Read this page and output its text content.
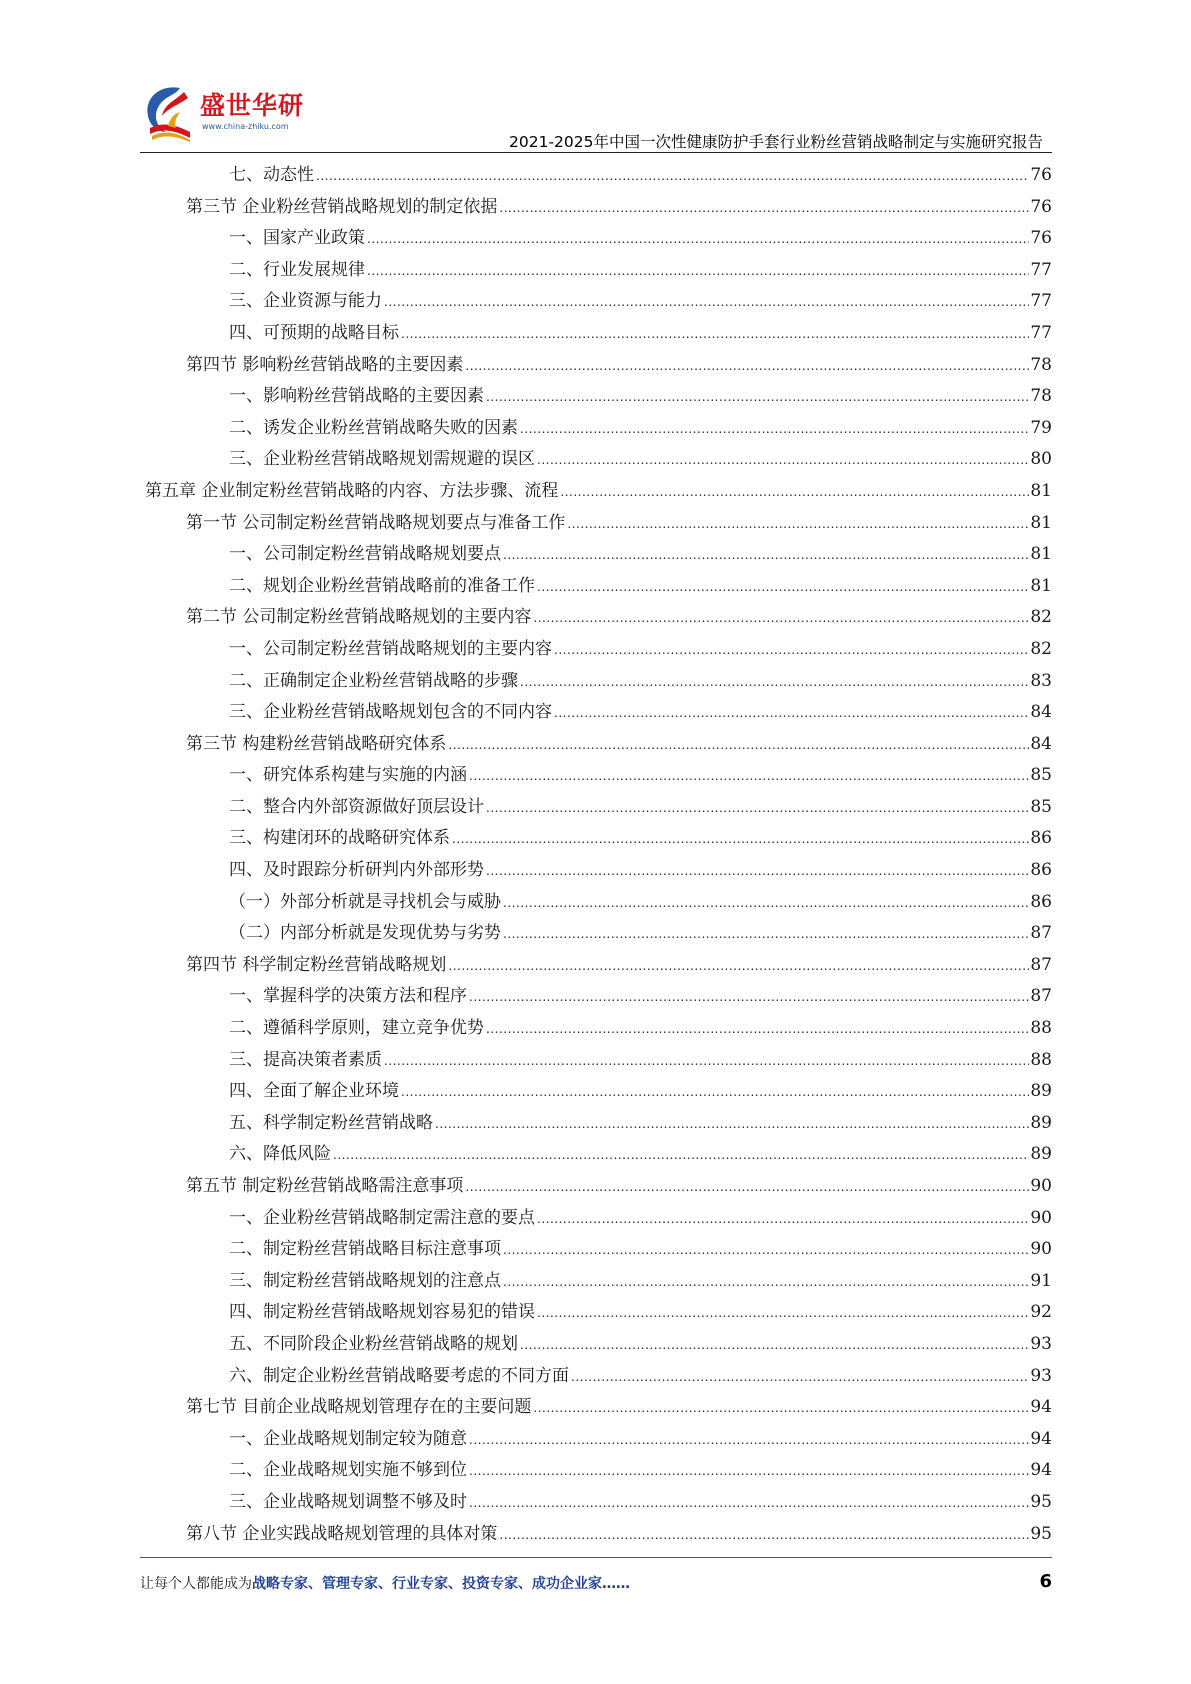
盛世华研
www.china-zhiku.com
2021-2025年中国一次性健康防护手套行业粉丝营销战略制定与实施研究报告
七、动态性 .....	76
第三节 企业粉丝营销战略规划的制定依据 .....	76
一、国家产业政策 .....	76
二、行业发展规律 .....	77
三、企业资源与能力 .....	77
四、可预期的战略目标 .....	77
第四节 影响粉丝营销战略的主要因素 .....	78
一、影响粉丝营销战略的主要因素 .....	78
二、诱发企业粉丝营销战略失败的因素 .....	79
三、企业粉丝营销战略规划需规避的误区 .....	80
第五章 企业制定粉丝营销战略的内容、方法步骤、流程 .....	81
第一节 公司制定粉丝营销战略规划要点与准备工作 .....	81
一、公司制定粉丝营销战略规划要点 .....	81
二、规划企业粉丝营销战略前的准备工作 .....	81
第二节 公司制定粉丝营销战略规划的主要内容 .....	82
一、公司制定粉丝营销战略规划的主要内容 .....	82
二、正确制定企业粉丝营销战略的步骤 .....	83
三、企业粉丝营销战略规划包含的不同内容 .....	84
第三节 构建粉丝营销战略研究体系 .....	84
一、研究体系构建与实施的内涵 .....	85
二、整合内外部资源做好顶层设计 .....	85
三、构建闭环的战略研究体系 .....	86
四、及时跟踪分析研判内外部形势 .....	86
（一）外部分析就是寻找机会与威胁 .....	86
（二）内部分析就是发现优势与劣势 .....	87
第四节 科学制定粉丝营销战略规划 .....	87
一、掌握科学的决策方法和程序 .....	87
二、遵循科学原则，建立竞争优势 .....	88
三、提高决策者素质 .....	88
四、全面了解企业环境 .....	89
五、科学制定粉丝营销战略 .....	89
六、降低风险 .....	89
第五节 制定粉丝营销战略需注意事项 .....	90
一、企业粉丝营销战略制定需注意的要点 .....	90
二、制定粉丝营销战略目标注意事项 .....	90
三、制定粉丝营销战略规划的注意点 .....	91
四、制定粉丝营销战略规划容易犯的错误 .....	92
五、不同阶段企业粉丝营销战略的规划 .....	93
六、制定企业粉丝营销战略要考虑的不同方面 .....	93
第七节 目前企业战略规划管理存在的主要问题 .....	94
一、企业战略规划制定较为随意 .....	94
二、企业战略规划实施不够到位 .....	94
三、企业战略规划调整不够及时 .....	95
第八节 企业实践战略规划管理的具体对策 .....	95
让每个人都能成为战略专家、管理专家、行业专家、投资专家、成功企业家……	6
